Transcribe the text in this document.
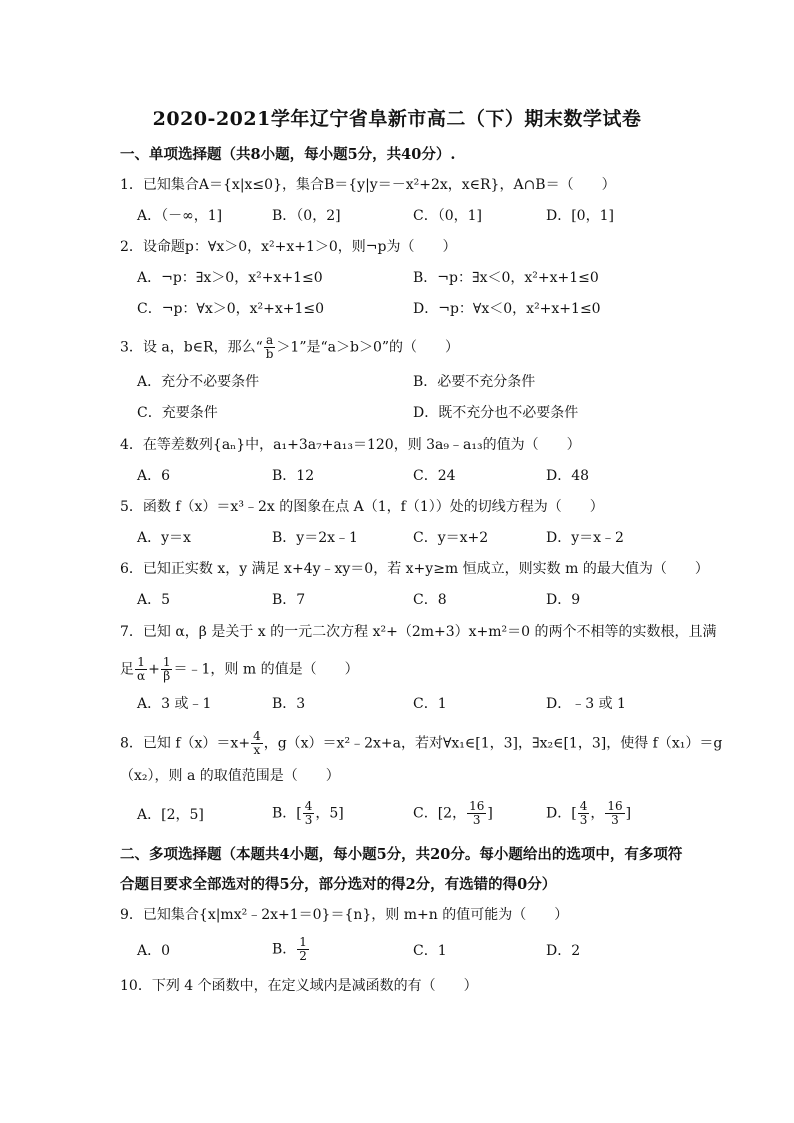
2020-2021学年辽宁省阜新市高二（下）期末数学试卷
一、单项选择题（共8小题，每小题5分，共40分）.
1．已知集合A＝{x|x≤0}，集合B＝{y|y＝－x²+2x，x∈R}，A∩B＝（　　）
A．（－∞，1]	B．（0，2]	C．（0，1]	D．[0，1]
2．设命题p：∀x＞0，x²+x+1＞0，则¬p为（　　）
A．¬p：∃x＞0，x²+x+1≤0	B．¬p：∃x＜0，x²+x+1≤0
C．¬p：∀x＞0，x²+x+1≤0	D．¬p：∀x＜0，x²+x+1≤0
3．设 a，b∈R，那么“ $\frac{a}{b} >1$”是“a＞b＞0”的（　　）
A．充分不必要条件	B．必要不充分条件
C．充要条件	D．既不充分也不必要条件
4．在等差数列{aₙ}中，a₁+3a₇+a₁₃＝120，则 3a₉﹣a₁₃的值为（　　）
A．6	B．12	C．24	D．48
5．函数 f（x）＝x³﹣2x 的图象在点 A（1，f（1））处的切线方程为（　　）
A．y＝x	B．y＝2x﹣1	C．y＝x+2	D．y＝x﹣2
6．已知正实数 x，y 满足 x+4y﹣xy＝0，若 x+y≥m 恒成立，则实数 m 的最大值为（　　）
A．5	B．7	C．8	D．9
7．已知 α，β 是关于 x 的一元二次方程 x²+（2m+3）x+m²＝0 的两个不相等的实数根，且满
足 $\frac{1}{\alpha} + \frac{1}{\beta}$ ＝﹣1，则 m 的值是（　　）
A．3 或﹣1	B．3	C．1	D．﹣3 或 1
8．已知 $f(x)=x+ \frac{4}{x}$ ，g（x）＝x²﹣2x+a，若对∀x₁∈[1，3]，∃x₂∈[1，3]，使得 f（x₁）＝g
（x₂），则 a 的取值范围是（　　）
A．[2，5]	B．[ $\frac{4}{3}$ ，5]	C．[2， $\frac{16}{3}$ ]	D．[ $\frac{4}{3}$ ， $\frac{16}{3}$ ]
二、多项选择题（本题共4小题，每小题5分，共20分。每小题给出的选项中，有多项符
合题目要求全部选对的得5分，部分选对的得2分，有选错的得0分）
9．已知集合{x|mx²﹣2x+1＝0}＝{n}，则 m+n 的值可能为（　　）
A．0	B． $\frac{1}{2}$	C．1	D．2
10．下列 4 个函数中，在定义域内是减函数的有（　　）
